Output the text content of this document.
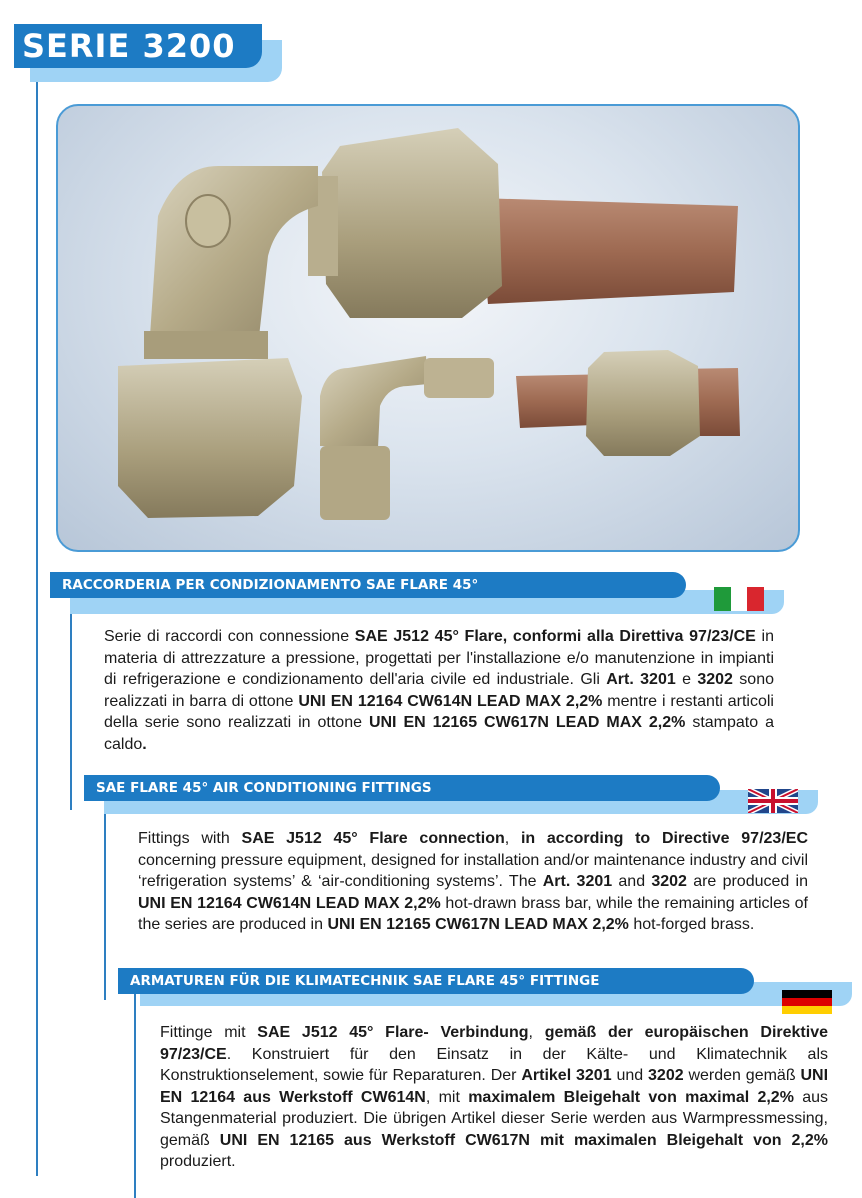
SERIE 3200
RACCORDERIA PER CONDIZIONAMENTO SAE FLARE 45°
Serie di raccordi con connessione SAE J512 45° Flare, conformi alla Direttiva 97/23/CE in materia di attrezzature a pressione, progettati per l'installazione e/o manutenzione in impianti di refrigerazione e condizionamento dell'aria civile ed industriale. Gli Art. 3201 e 3202 sono realizzati in barra di ottone UNI EN 12164 CW614N LEAD MAX 2,2% mentre i restanti articoli della serie sono realizzati in ottone UNI EN 12165 CW617N LEAD MAX 2,2% stampato a caldo.
SAE FLARE 45° AIR CONDITIONING FITTINGS
Fittings with SAE J512 45° Flare connection, in according to Directive 97/23/EC concerning pressure equipment, designed for installation and/or maintenance industry and civil ‘refrigeration systems’ & ‘air-conditioning systems’. The Art. 3201 and 3202 are produced in UNI EN 12164 CW614N LEAD MAX 2,2% hot-drawn brass bar, while the remaining articles of the series are produced in UNI EN 12165 CW617N LEAD MAX 2,2% hot-forged brass.
ARMATUREN FÜR DIE KLIMATECHNIK SAE FLARE 45° FITTINGE
Fittinge mit SAE J512 45° Flare- Verbindung, gemäß der europäischen Direktive 97/23/CE. Konstruiert für den Einsatz in der Kälte- und Klimatechnik als Konstruktionselement, sowie für Reparaturen. Der Artikel 3201 und 3202 werden gemäß UNI EN 12164 aus Werkstoff CW614N, mit maximalem Bleigehalt von maximal 2,2% aus Stangenmaterial produziert. Die übrigen Artikel dieser Serie werden aus Warmpressmessing, gemäß UNI EN 12165 aus Werkstoff CW617N mit maximalen Bleigehalt von 2,2% produziert.
